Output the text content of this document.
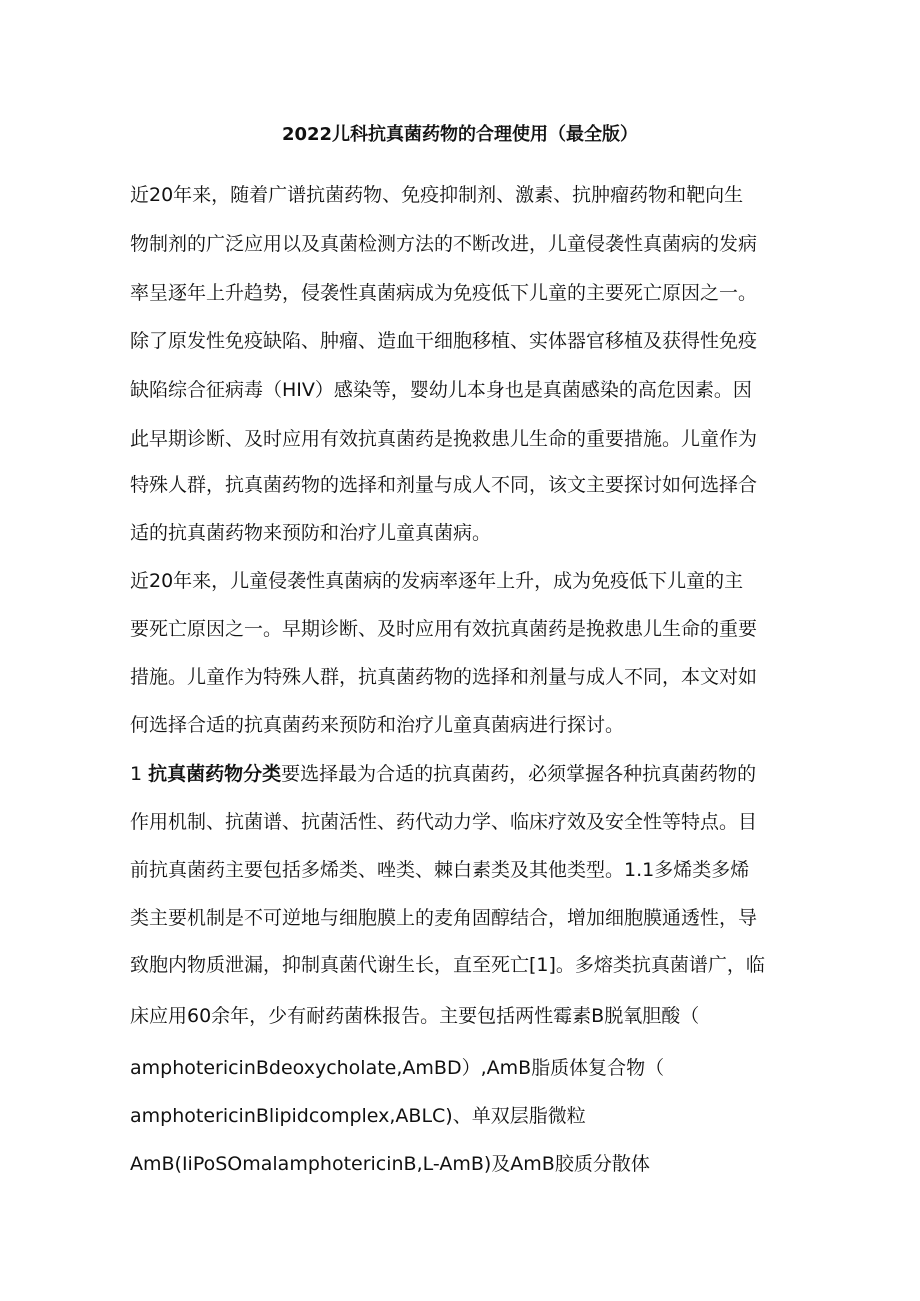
2022儿科抗真菌药物的合理使用（最全版）
近20年来，随着广谱抗菌药物、免疫抑制剂、激素、抗肿瘤药物和靶向生
物制剂的广泛应用以及真菌检测方法的不断改进，儿童侵袭性真菌病的发病
率呈逐年上升趋势，侵袭性真菌病成为免疫低下儿童的主要死亡原因之一。
除了原发性免疫缺陷、肿瘤、造血干细胞移植、实体器官移植及获得性免疫
缺陷综合征病毒（HIV）感染等，婴幼儿本身也是真菌感染的高危因素。因
此早期诊断、及时应用有效抗真菌药是挽救患儿生命的重要措施。儿童作为
特殊人群，抗真菌药物的选择和剂量与成人不同，该文主要探讨如何选择合
适的抗真菌药物来预防和治疗儿童真菌病。
近20年来，儿童侵袭性真菌病的发病率逐年上升，成为免疫低下儿童的主
要死亡原因之一。早期诊断、及时应用有效抗真菌药是挽救患儿生命的重要
措施。儿童作为特殊人群，抗真菌药物的选择和剂量与成人不同，本文对如
何选择合适的抗真菌药来预防和治疗儿童真菌病进行探讨。
1 抗真菌药物分类要选择最为合适的抗真菌药，必须掌握各种抗真菌药物的
作用机制、抗菌谱、抗菌活性、药代动力学、临床疗效及安全性等特点。目
前抗真菌药主要包括多烯类、唑类、棘白素类及其他类型。1.1多烯类多烯
类主要机制是不可逆地与细胞膜上的麦角固醇结合，增加细胞膜通透性，导
致胞内物质泄漏，抑制真菌代谢生长，直至死亡[1]。多熔类抗真菌谱广，临
床应用60余年，少有耐药菌株报告。主要包括两性霉素B脱氧胆酸（
amphotericinBdeoxycholate,AmBD）,AmB脂质体复合物（
amphotericinBlipidcomplex,ABLC)、单双层脂微粒
AmB(IiPoSOmalamphotericinB,L-AmB)及AmB胶质分散体
